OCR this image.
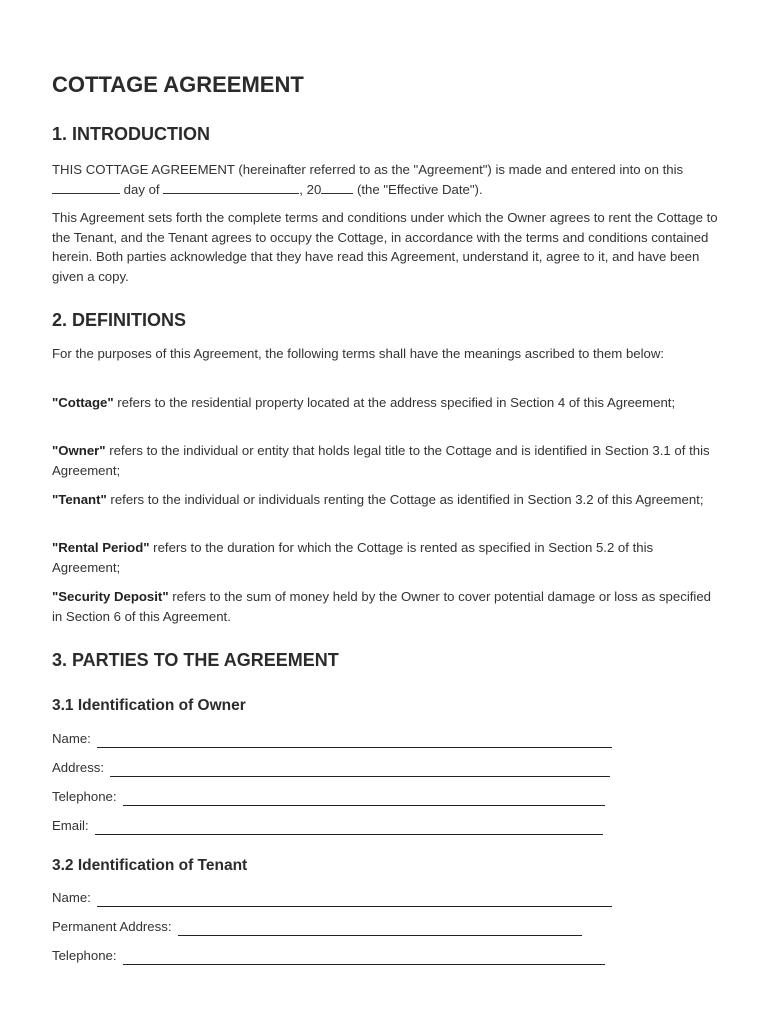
COTTAGE AGREEMENT
1. INTRODUCTION

THIS COTTAGE AGREEMENT (hereinafter referred to as the "Agreement") is made and entered into on this  day of	, 20	(the "Effective Date").

This Agreement sets forth the complete terms and conditions under which the Owner agrees to rent the Cottage to the Tenant, and the Tenant agrees to occupy the Cottage, in accordance with the terms and conditions contained herein. Both parties acknowledge that they have read this Agreement, understand it, agree to it, and have been given a copy.

2. DEFINITIONS

For the purposes of this Agreement, the following terms shall have the meanings ascribed to them below:

"Cottage" refers to the residential property located at the address specified in Section 4 of this Agreement;

"Owner" refers to the individual or entity that holds legal title to the Cottage and is identified in Section 3.1 of this Agreement;

"Tenant" refers to the individual or individuals renting the Cottage as identified in Section 3.2 of this Agreement;

"Rental Period" refers to the duration for which the Cottage is rented as specified in Section 5.2 of this Agreement;

"Security Deposit" refers to the sum of money held by the Owner to cover potential damage or loss as specified in Section 6 of this Agreement.

3. PARTIES TO THE AGREEMENT
3.1 Identification of Owner
Name:
Address:
Telephone:
Email:
3.2 Identification of Tenant
Name:
Permanent Address:
Telephone:
